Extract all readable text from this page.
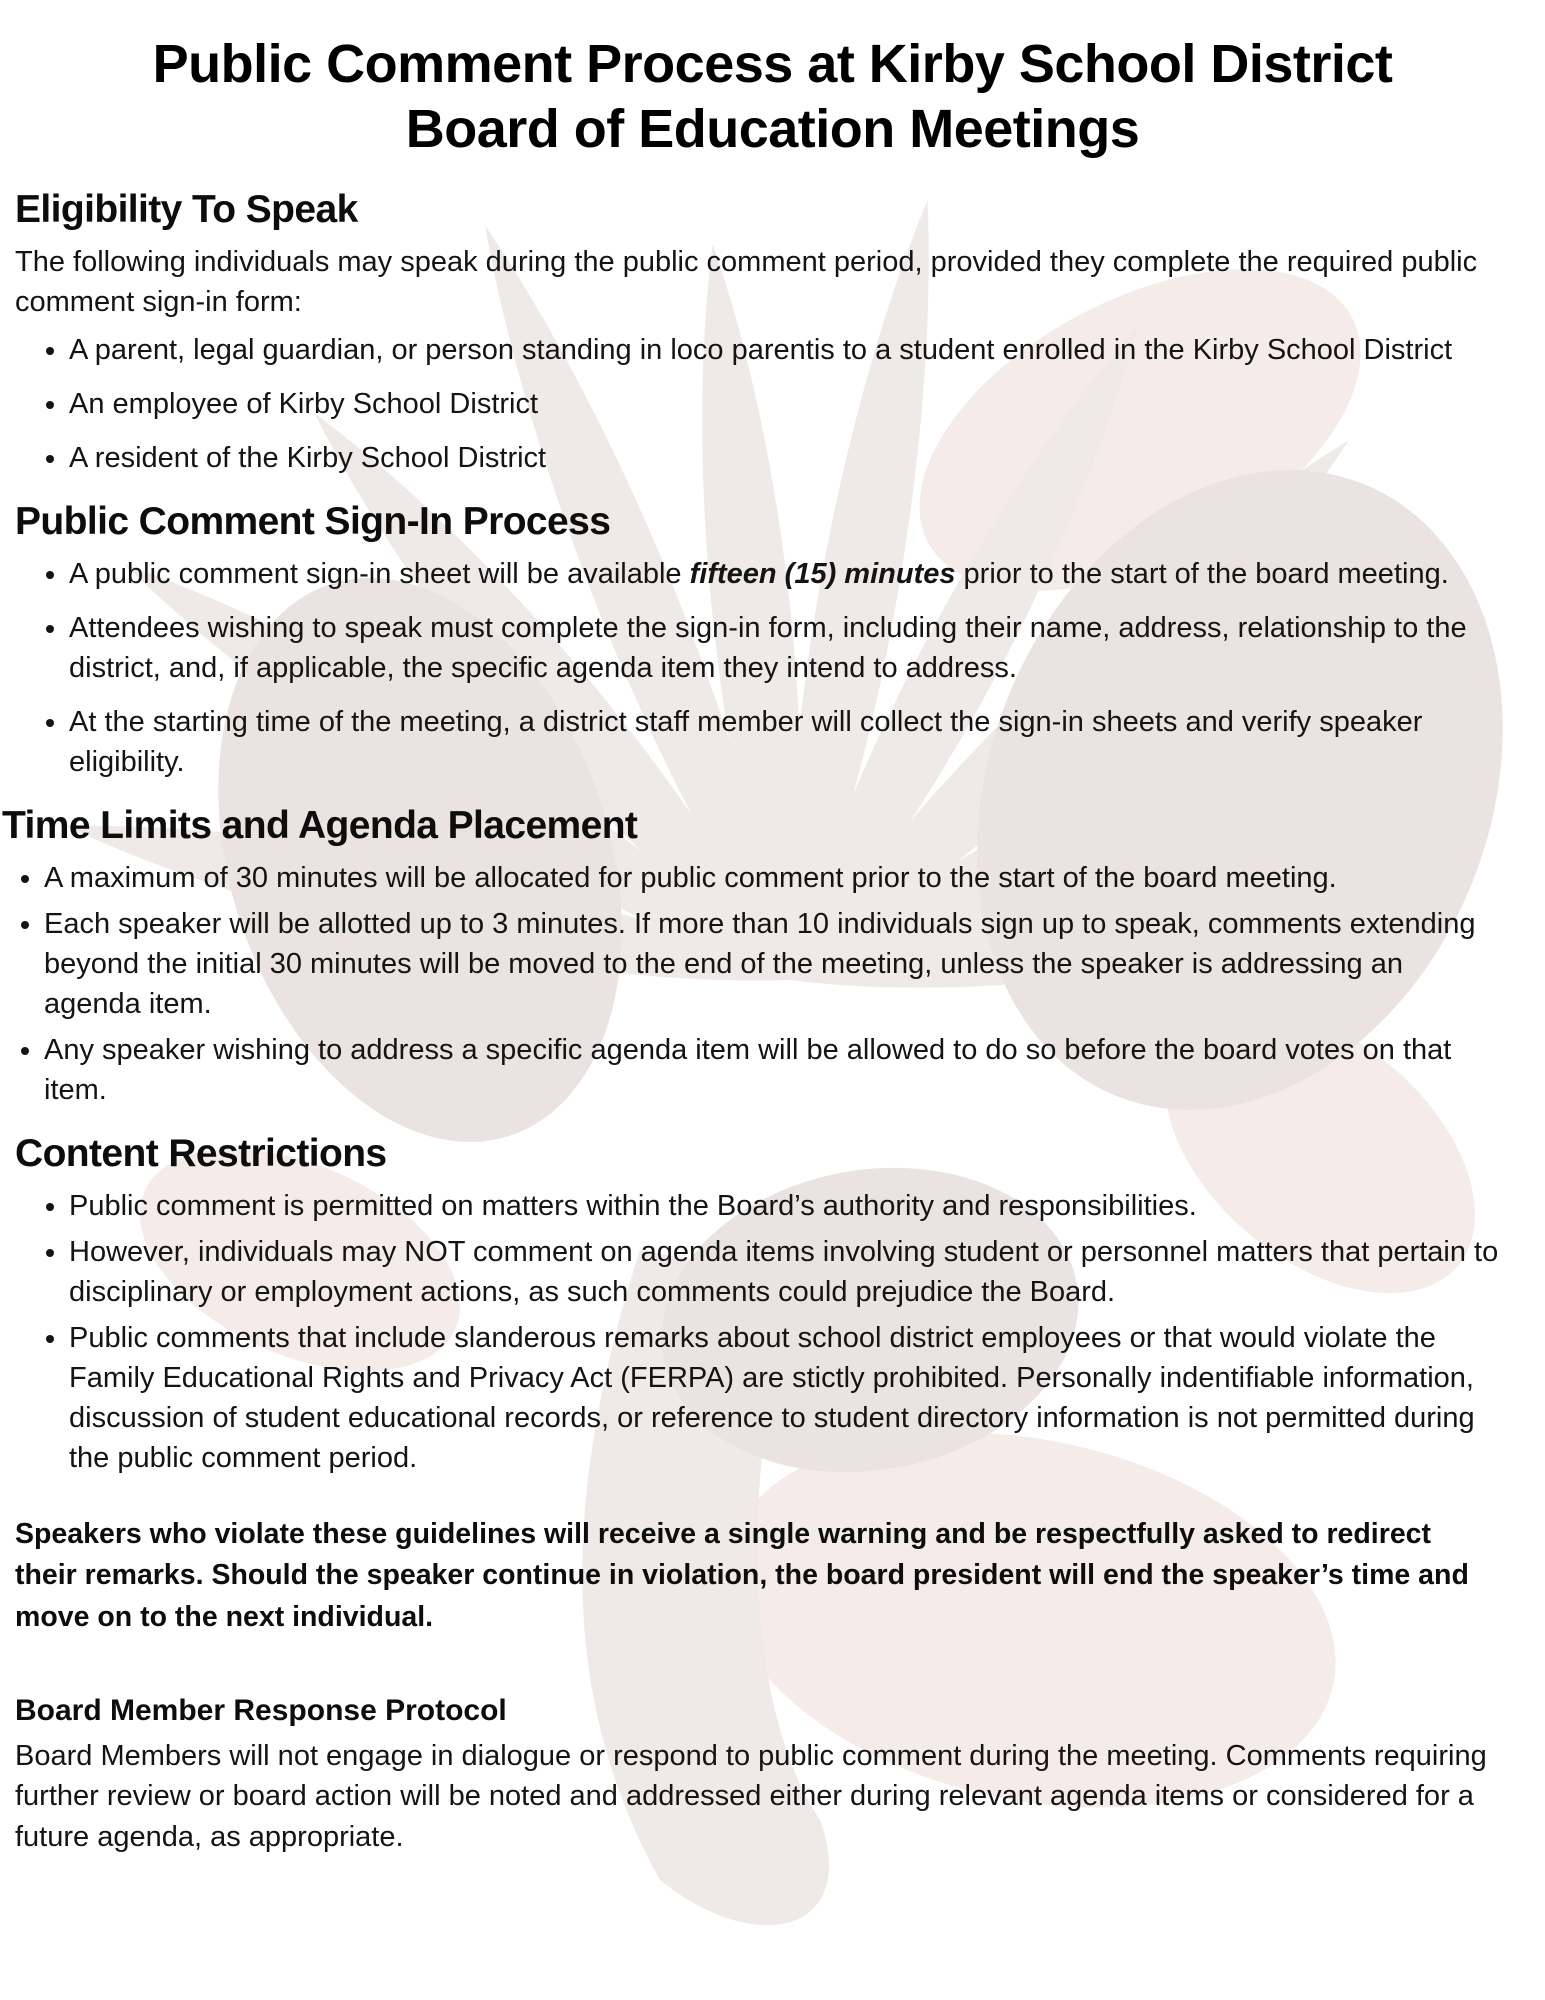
Public Comment Process at Kirby School District
Board of Education Meetings
Eligibility To Speak

The following individuals may speak during the public comment period, provided they complete the required public comment sign-in form:

• A parent, legal guardian, or person standing in loco parentis to a student enrolled in the Kirby School District
• An employee of Kirby School District
• A resident of the Kirby School District
Public Comment Sign-In Process
• A public comment sign-in sheet will be available fifteen (15) minutes prior to the start of the board meeting.
• Attendees wishing to speak must complete the sign-in form, including their name, address, relationship to the district, and, if applicable, the specific agenda item they intend to address.
• At the starting time of the meeting, a district staff member will collect the sign-in sheets and verify speaker eligibility.
Time Limits and Agenda Placement
• A maximum of 30 minutes will be allocated for public comment prior to the start of the board meeting.
• Each speaker will be allotted up to 3 minutes. If more than 10 individuals sign up to speak, comments extending beyond the initial 30 minutes will be moved to the end of the meeting, unless the speaker is addressing an agenda item.
• Any speaker wishing to address a specific agenda item will be allowed to do so before the board votes on that item.
Content Restrictions
• Public comment is permitted on matters within the Board’s authority and responsibilities.
• However, individuals may NOT comment on agenda items involving student or personnel matters that pertain to disciplinary or employment actions, as such comments could prejudice the Board.
• Public comments that include slanderous remarks about school district employees or that would violate the Family Educational Rights and Privacy Act (FERPA) are stictly prohibited. Personally indentifiable information, discussion of student educational records, or reference to student directory information is not permitted during the public comment period.

Speakers who violate these guidelines will receive a single warning and be respectfully asked to redirect their remarks. Should the speaker continue in violation, the board president will end the speaker’s time and move on to the next individual.

Board Member Response Protocol

Board Members will not engage in dialogue or respond to public comment during the meeting. Comments requiring further review or board action will be noted and addressed either during relevant agenda items or considered for a future agenda, as appropriate.
